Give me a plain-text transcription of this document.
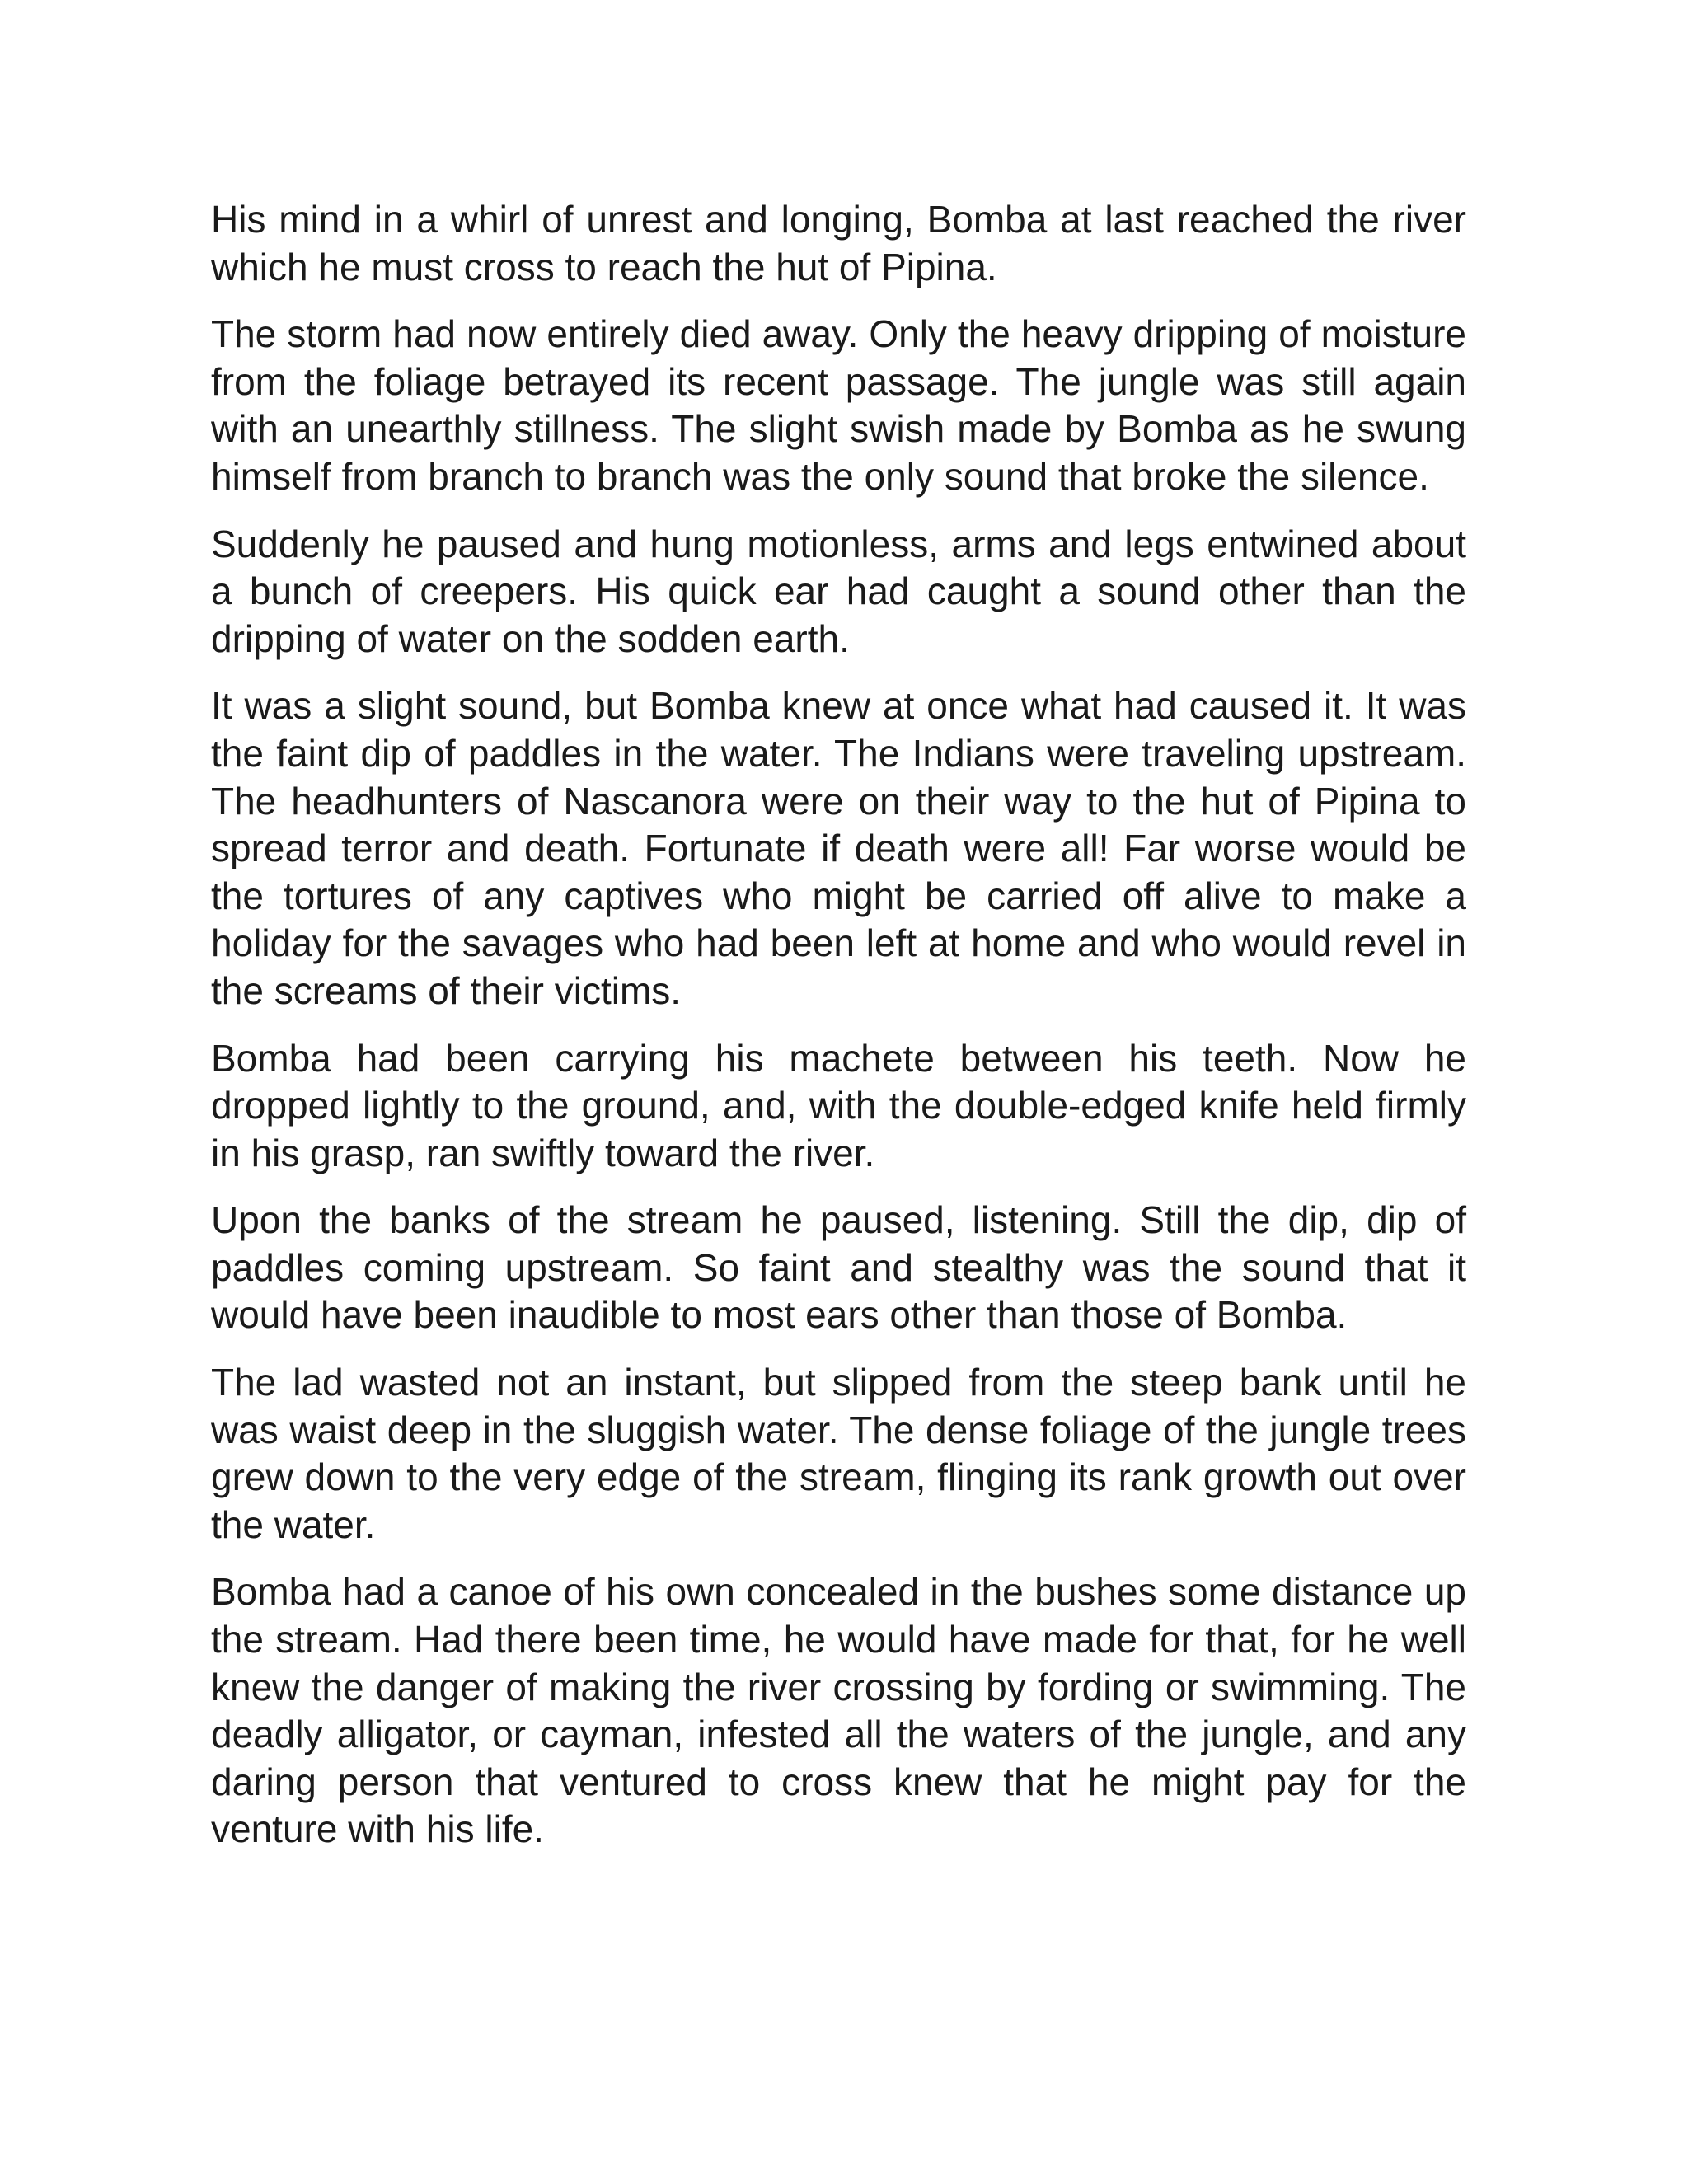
His mind in a whirl of unrest and longing, Bomba at last reached the river which he must cross to reach the hut of Pipina.

The storm had now entirely died away. Only the heavy dripping of moisture from the foliage betrayed its recent passage. The jungle was still again with an unearthly stillness. The slight swish made by Bomba as he swung himself from branch to branch was the only sound that broke the silence.

Suddenly he paused and hung motionless, arms and legs entwined about a bunch of creepers. His quick ear had caught a sound other than the dripping of water on the sodden earth.

It was a slight sound, but Bomba knew at once what had caused it. It was the faint dip of paddles in the water. The Indians were traveling upstream. The headhunters of Nascanora were on their way to the hut of Pipina to spread terror and death. Fortunate if death were all! Far worse would be the tortures of any captives who might be carried off alive to make a holiday for the savages who had been left at home and who would revel in the screams of their victims.

Bomba had been carrying his machete between his teeth. Now he dropped lightly to the ground, and, with the double-edged knife held firmly in his grasp, ran swiftly toward the river.

Upon the banks of the stream he paused, listening. Still the dip, dip of paddles coming upstream. So faint and stealthy was the sound that it would have been inaudible to most ears other than those of Bomba.

The lad wasted not an instant, but slipped from the steep bank until he was waist deep in the sluggish water. The dense foliage of the jungle trees grew down to the very edge of the stream, flinging its rank growth out over the water.

Bomba had a canoe of his own concealed in the bushes some distance up the stream. Had there been time, he would have made for that, for he well knew the danger of making the river crossing by fording or swimming. The deadly alligator, or cayman, infested all the waters of the jungle, and any daring person that ventured to cross knew that he might pay for the venture with his life.
